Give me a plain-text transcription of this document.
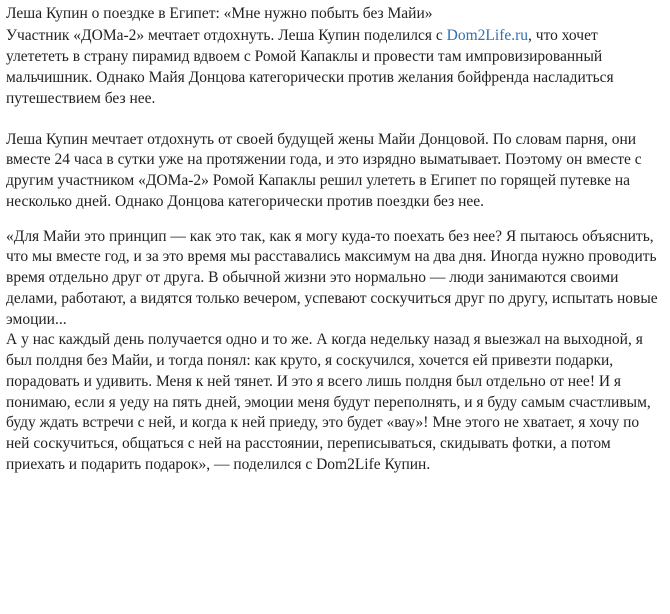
Леша Купин о поездке в Египет: «Мне нужно побыть без Майи»

Участник «ДОМа-2» мечтает отдохнуть. Леша Купин поделился с Dom2Life.ru, что хочет улетететь в страну пирамид вдвоем с Ромой Капаклы и провести там импровизированный мальчишник. Однако Майя Донцова категорически против желания бойфренда насладиться путешествием без нее.

Леша Купин мечтает отдохнуть от своей будущей жены Майи Донцовой. По словам парня, они вместе 24 часа в сутки уже на протяжении года, и это изрядно выматывает. Поэтому он вместе с другим участником «ДОМа-2» Ромой Капаклы решил улететь в Египет по горящей путевке на несколько дней. Однако Донцова категорически против поездки без нее.

«Для Майи это принцип — как это так, как я могу куда-то поехать без нее? Я пытаюсь объяснить, что мы вместе год, и за это время мы расставались максимум на два дня. Иногда нужно проводить время отдельно друг от друга. В обычной жизни это нормально — люди занимаются своими делами, работают, а видятся только вечером, успевают соскучиться друг по другу, испытать новые эмоции...

А у нас каждый день получается одно и то же. А когда недельку назад я выезжал на выходной, я был полдня без Майи, и тогда понял: как круто, я соскучился, хочется ей привезти подарки, порадовать и удивить. Меня к ней тянет. И это я всего лишь полдня был отдельно от нее! И я понимаю, если я уеду на пять дней, эмоции меня будут переполнять, и я буду самым счастливым, буду ждать встречи с ней, и когда к ней приеду, это будет «вау»! Мне этого не хватает, я хочу по ней соскучиться, общаться с ней на расстоянии, переписываться, скидывать фотки, а потом приехать и подарить подарок», — поделился с Dom2Life Купин.
